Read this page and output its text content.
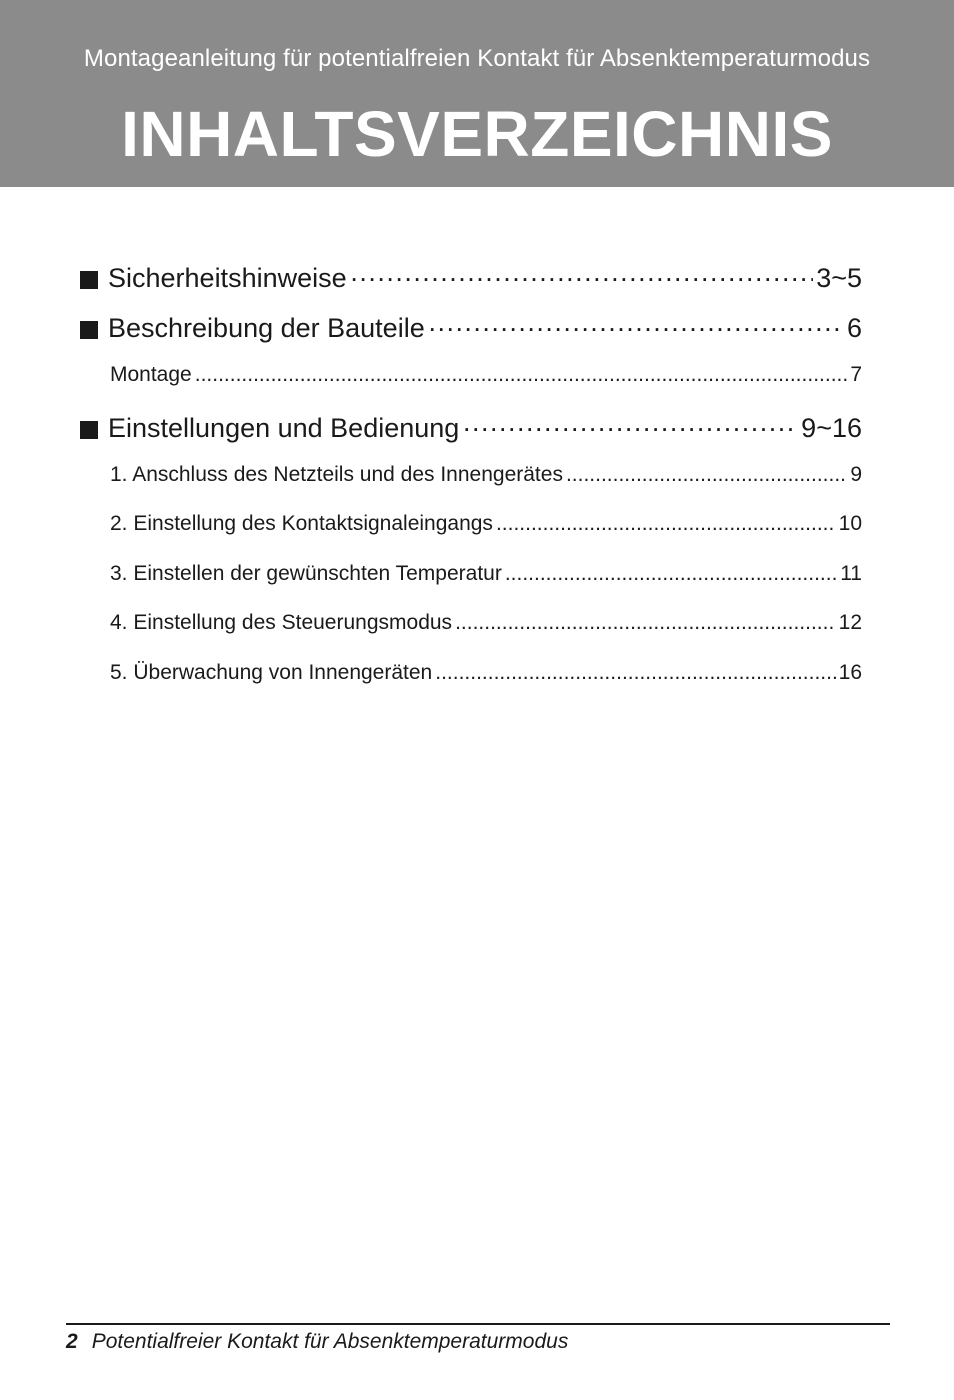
Montageanleitung für potentialfreien Kontakt für Absenktemperaturmodus
INHALTSVERZEICHNIS
Sicherheitshinweise ·····	3~5
Beschreibung der Bauteile ·····	6
Montage .....	7
Einstellungen und Bedienung ·····	9~16
1. Anschluss des Netzteils und des Innengerätes .....	9
2. Einstellung des Kontaktsignaleingangs .....	10
3. Einstellen der gewünschten Temperatur .....	11
4. Einstellung des Steuerungsmodus .....	12
5. Überwachung von Innengeräten .....	16
2 Potentialfreier Kontakt für Absenktemperaturmodus
